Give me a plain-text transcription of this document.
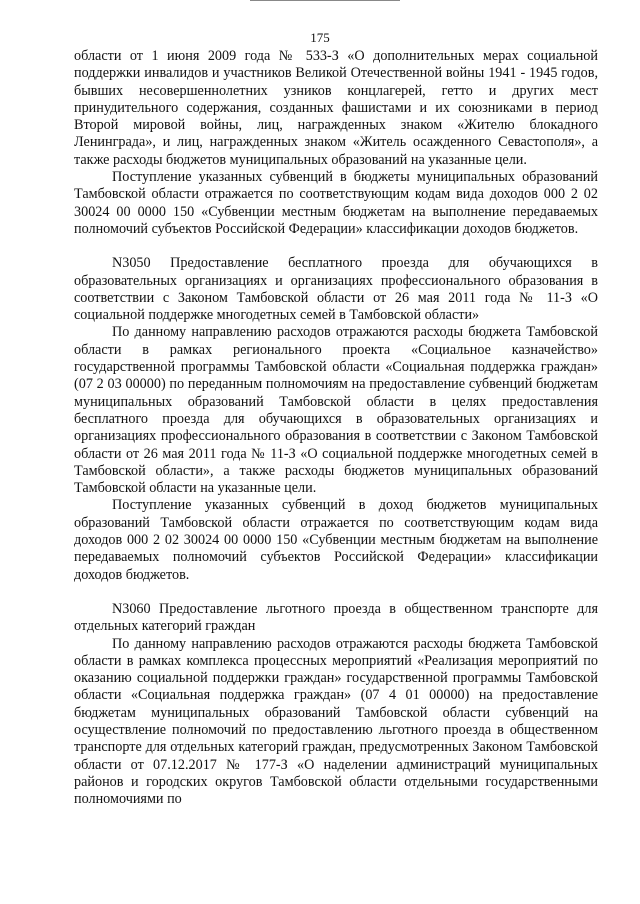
175

области от 1 июня 2009 года № 533-З «О дополнительных мерах социальной поддержки инвалидов и участников Великой Отечественной войны 1941 - 1945 годов, бывших несовершеннолетних узников концлагерей, гетто и других мест принудительного содержания, созданных фашистами и их союзниками в период Второй мировой войны, лиц, награжденных знаком «Жителю блокадного Ленинграда», и лиц, награжденных знаком «Житель осажденного Севастополя», а также расходы бюджетов муниципальных образований на указанные цели.

Поступление указанных субвенций в бюджеты муниципальных образований Тамбовской области отражается по соответствующим кодам вида доходов 000 2 02 30024 00 0000 150 «Субвенции местным бюджетам на выполнение передаваемых полномочий субъектов Российской Федерации» классификации доходов бюджетов.

N3050 Предоставление бесплатного проезда для обучающихся в образовательных организациях и организациях профессионального образования в соответствии с Законом Тамбовской области от 26 мая 2011 года № 11-З «О социальной поддержке многодетных семей в Тамбовской области»

По данному направлению расходов отражаются расходы бюджета Тамбовской области в рамках регионального проекта «Социальное казначейство» государственной программы Тамбовской области «Социальная поддержка граждан» (07 2 03 00000) по переданным полномочиям на предоставление субвенций бюджетам муниципальных образований Тамбовской области в целях предоставления бесплатного проезда для обучающихся в образовательных организациях и организациях профессионального образования в соответствии с Законом Тамбовской области от 26 мая 2011 года № 11-З «О социальной поддержке многодетных семей в Тамбовской области», а также расходы бюджетов муниципальных образований Тамбовской области на указанные цели.

Поступление указанных субвенций в доход бюджетов муниципальных образований Тамбовской области отражается по соответствующим кодам вида доходов 000 2 02 30024 00 0000 150 «Субвенции местным бюджетам на выполнение передаваемых полномочий субъектов Российской Федерации» классификации доходов бюджетов.

N3060 Предоставление льготного проезда в общественном транспорте для отдельных категорий граждан

По данному направлению расходов отражаются расходы бюджета Тамбовской области в рамках комплекса процессных мероприятий «Реализация мероприятий по оказанию социальной поддержки граждан» государственной программы Тамбовской области «Социальная поддержка граждан» (07 4 01 00000) на предоставление бюджетам муниципальных образований Тамбовской области субвенций на осуществление полномочий по предоставлению льготного проезда в общественном транспорте для отдельных категорий граждан, предусмотренных Законом Тамбовской области от 07.12.2017 № 177-З «О наделении администраций муниципальных районов и городских округов Тамбовской области отдельными государственными полномочиями по
